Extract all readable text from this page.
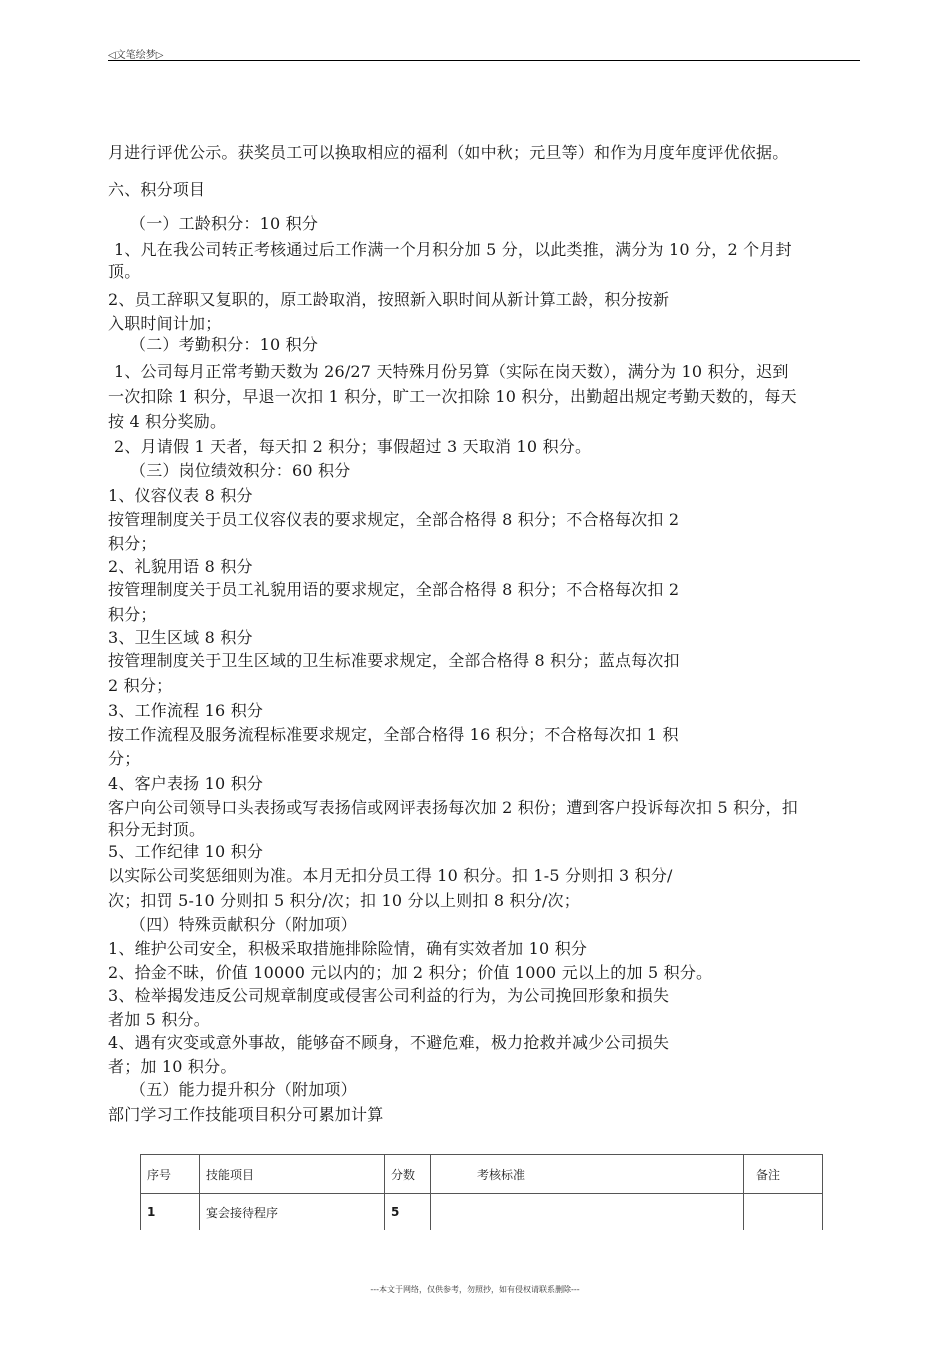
◁文笔绘梦▷
月进行评优公示。获奖员工可以换取相应的福利（如中秋；元旦等）和作为月度年度评优依据。
六、积分项目
（一）工龄积分：10 积分
1、凡在我公司转正考核通过后工作满一个月积分加 5 分，以此类推，满分为 10 分，2 个月封
顶。
2、员工辞职又复职的，原工龄取消，按照新入职时间从新计算工龄，积分按新
入职时间计加；
（二）考勤积分：10 积分
1、公司每月正常考勤天数为 26/27 天特殊月份另算（实际在岗天数），满分为 10 积分，迟到
一次扣除 1 积分，早退一次扣 1 积分，旷工一次扣除 10 积分，出勤超出规定考勤天数的，每天
按 4 积分奖励。
2、月请假 1 天者，每天扣 2 积分；事假超过 3 天取消 10 积分。
（三）岗位绩效积分：60 积分
1、仪容仪表 8 积分
按管理制度关于员工仪容仪表的要求规定，全部合格得 8 积分；不合格每次扣 2
积分；
2、礼貌用语 8 积分
按管理制度关于员工礼貌用语的要求规定，全部合格得 8 积分；不合格每次扣 2
积分；
3、卫生区域 8 积分
按管理制度关于卫生区域的卫生标准要求规定，全部合格得 8 积分；蓝点每次扣
2 积分；
3、工作流程 16 积分
按工作流程及服务流程标准要求规定，全部合格得 16 积分；不合格每次扣 1 积
分；
4、客户表扬 10 积分
客户向公司领导口头表扬或写表扬信或网评表扬每次加 2 积份；遭到客户投诉每次扣 5 积分，扣
积分无封顶。
5、工作纪律 10 积分
以实际公司奖惩细则为准。本月无扣分员工得 10 积分。扣 1-5 分则扣 3 积分/
次；扣罚 5-10 分则扣 5 积分/次；扣 10 分以上则扣 8 积分/次；
（四）特殊贡献积分（附加项）
1、维护公司安全，积极采取措施排除险情，确有实效者加 10 积分
2、拾金不昧，价值 10000 元以内的；加 2 积分；价值 1000 元以上的加 5 积分。
3、检举揭发违反公司规章制度或侵害公司利益的行为，为公司挽回形象和损失
者加 5 积分。
4、遇有灾变或意外事故，能够奋不顾身，不避危难，极力抢救并减少公司损失
者；加 10 积分。
（五）能力提升积分（附加项）
部门学习工作技能项目积分可累加计算
序号	技能项目	分数	考核标准	备注
1	宴会接待程序	5		
---本文于网络，仅供参考，勿照抄，如有侵权请联系删除---
